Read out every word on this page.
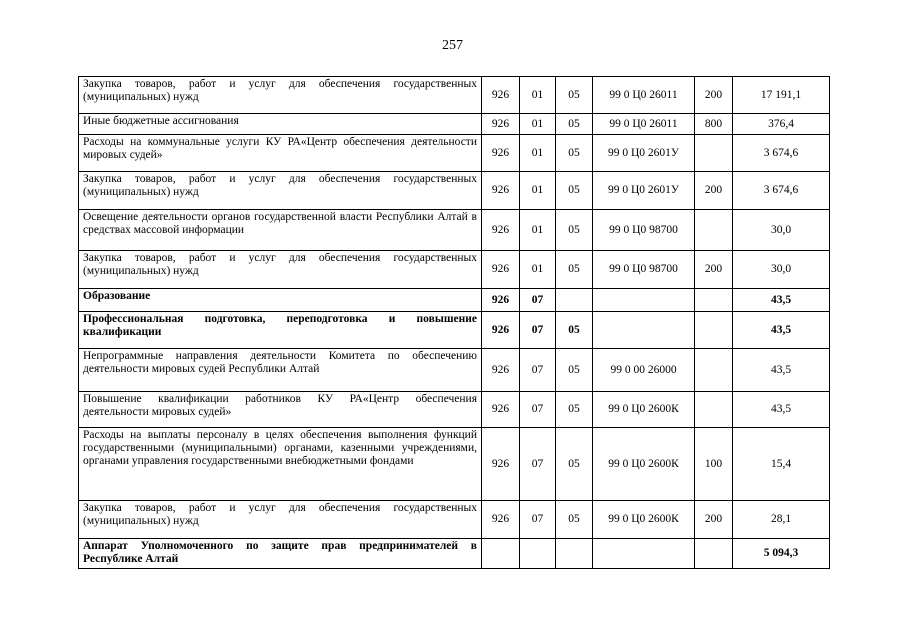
257
Закупка товаров, работ и услуг для обеспечения государственных (муниципальных) нужд	926	01	05	99 0 Ц0 26011	200	17 191,1
Иные бюджетные ассигнования	926	01	05	99 0 Ц0 26011	800	376,4
Расходы на коммунальные услуги КУ РА«Центр обеспечения деятельности мировых судей»	926	01	05	99 0 Ц0 2601У		3 674,6
Закупка товаров, работ и услуг для обеспечения государственных (муниципальных) нужд	926	01	05	99 0 Ц0 2601У	200	3 674,6
Освещение деятельности органов государственной власти Республики Алтай в средствах массовой информации	926	01	05	99 0 Ц0 98700		30,0
Закупка товаров, работ и услуг для обеспечения государственных (муниципальных) нужд	926	01	05	99 0 Ц0 98700	200	30,0
Образование	926	07				43,5
Профессиональная подготовка, переподготовка и повышение квалификации	926	07	05			43,5
Непрограммные направления деятельности Комитета по обеспечению деятельности мировых судей Республики Алтай	926	07	05	99 0 00 26000		43,5
Повышение квалификации работников КУ РА«Центр обеспечения деятельности мировых судей»	926	07	05	99 0 Ц0 2600К		43,5
Расходы на выплаты персоналу в целях обеспечения выполнения функций государственными (муниципальными) органами, казенными учреждениями, органами управления государственными внебюджетными фондами	926	07	05	99 0 Ц0 2600К	100	15,4
Закупка товаров, работ и услуг для обеспечения государственных (муниципальных) нужд	926	07	05	99 0 Ц0 2600К	200	28,1
Аппарат Уполномоченного по защите прав предпринимателей в Республике Алтай						5 094,3
